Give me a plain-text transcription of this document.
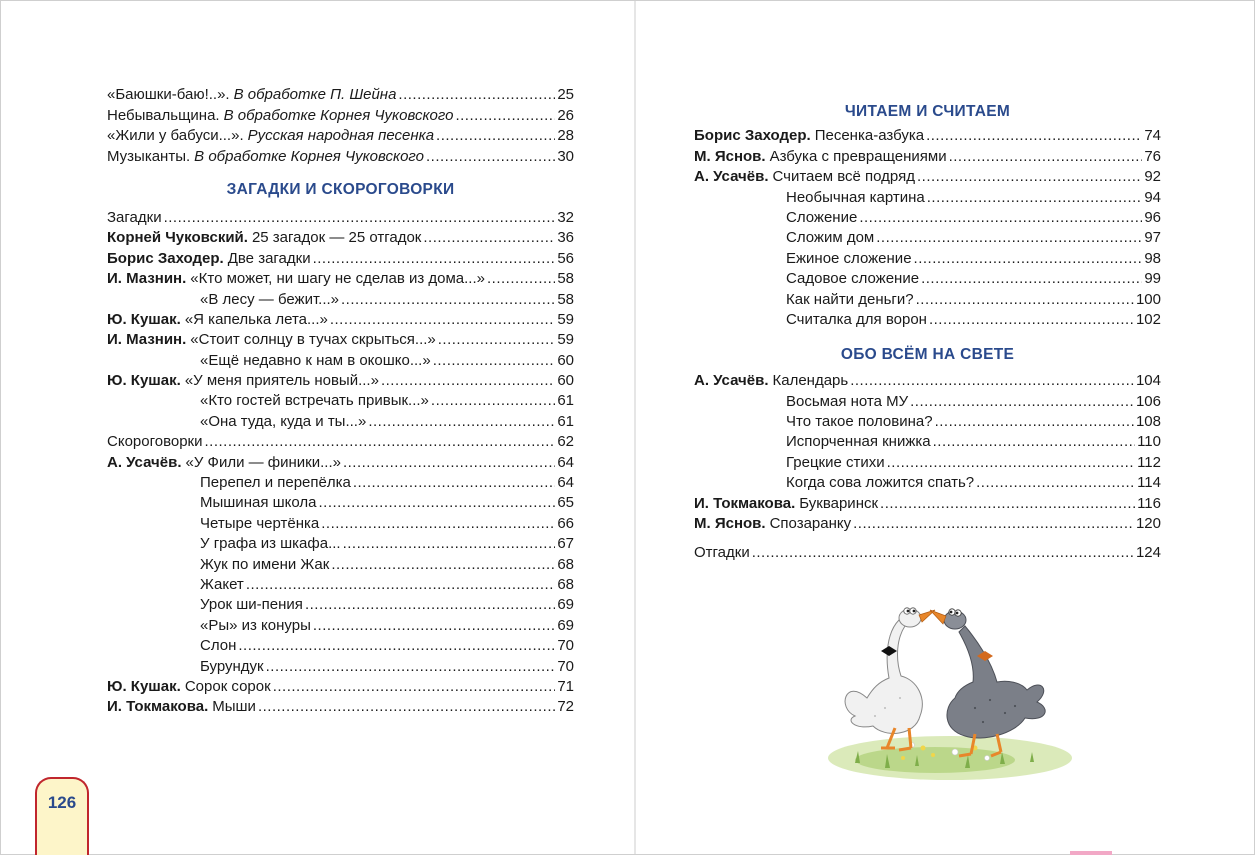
«Баюшки-баю!..». В обработке П. Шейна .....	25
Небывальщина. В обработке Корнея Чуковского .....	26
«Жили у бабуси...». Русская народная песенка .....	28
Музыканты. В обработке Корнея Чуковского .....	30
ЗАГАДКИ И СКОРОГОВОРКИ
Загадки .....	32
Корней Чуковский. 25 загадок — 25 отгадок .....	36
Борис Заходер. Две загадки .....	56
И. Мазнин. «Кто может, ни шагу не сделав из дома...» .....	58
«В лесу — бежит...» .....	58
Ю. Кушак. «Я капелька лета...» .....	59
И. Мазнин. «Стоит солнцу в тучах скрыться...» .....	59
«Ещё недавно к нам в окошко...» .....	60
Ю. Кушак. «У меня приятель новый...» .....	60
«Кто гостей встречать привык...» .....	61
«Она туда, куда и ты...» .....	61
Скороговорки .....	62
А. Усачёв. «У Фили — финики...» .....	64
Перепел и перепёлка .....	64
Мышиная школа .....	65
Четыре чертёнка .....	66
У графа из шкафа... .....	67
Жук по имени Жак .....	68
Жакет .....	68
Урок ши-пения .....	69
«Ры» из конуры .....	69
Слон .....	70
Бурундук .....	70
Ю. Кушак. Сорок сорок .....	71
И. Токмакова. Мыши .....	72
ЧИТАЕМ И СЧИТАЕМ
Борис Заходер. Песенка-азбука .....	74
М. Яснов. Азбука с превращениями .....	76
А. Усачёв. Считаем всё подряд .....	92
Необычная картина .....	94
Сложение .....	96
Сложим дом .....	97
Ежиное сложение .....	98
Садовое сложение .....	99
Как найти деньги? .....	100
Считалка для ворон .....	102
ОБО ВСЁМ НА СВЕТЕ
А. Усачёв. Календарь .....	104
Восьмая нота МУ .....	106
Что такое половина? .....	108
Испорченная книжка .....	110
Грецкие стихи .....	112
Когда сова ложится спать? .....	114
И. Токмакова. Букваринск .....	116
М. Яснов. Спозаранку .....	120
Отгадки .....	124
126
